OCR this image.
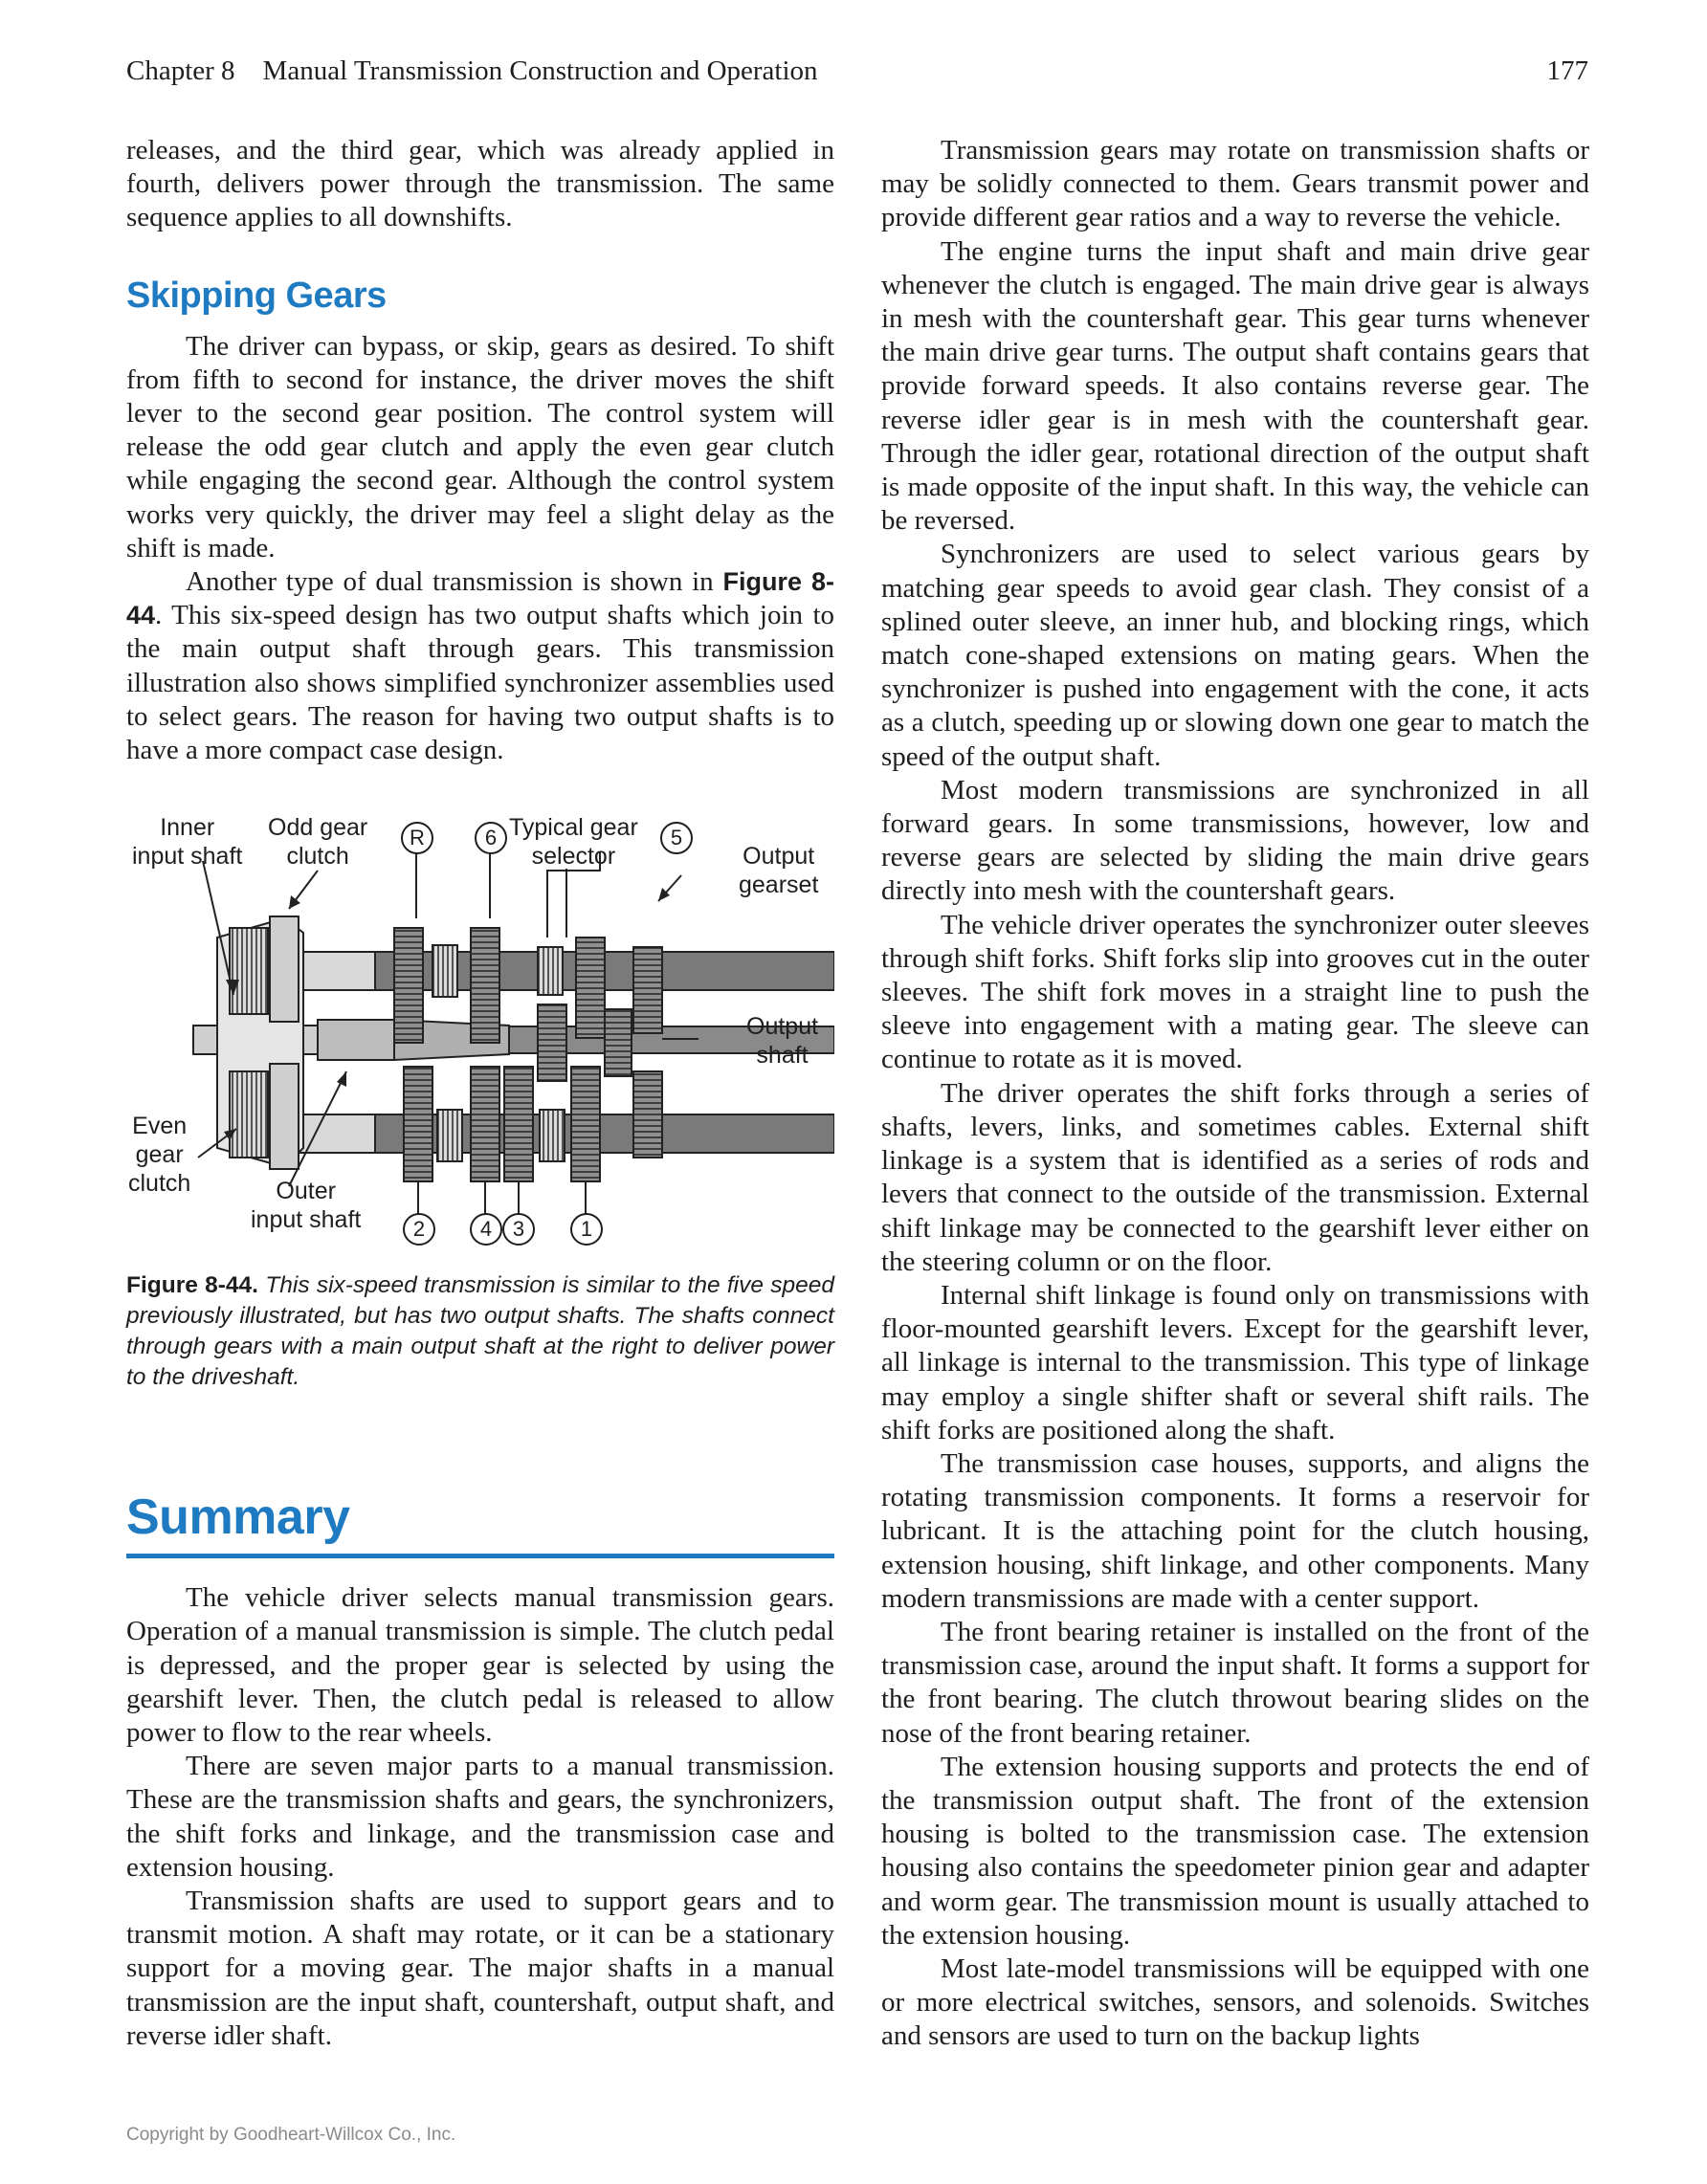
Chapter 8    Manual Transmission Construction and Operation	177

releases, and the third gear, which was already applied in fourth, delivers power through the transmission. The same sequence applies to all downshifts.

Skipping Gears

The driver can bypass, or skip, gears as desired. To shift from fifth to second for instance, the driver moves the shift lever to the second gear position. The control system will release the odd gear clutch and apply the even gear clutch while engaging the second gear. Although the control system works very quickly, the driver may feel a slight delay as the shift is made.

Another type of dual transmission is shown in Figure 8-44. This six-speed design has two output shafts which join to the main output shaft through gears. This transmission illustration also shows simplified synchronizer assemblies used to select gears. The reason for having two output shafts is to have a more compact case design.

Inner
input shaft
Odd gear
clutch
Typical gear
selector	Output
gearset
Output
shaft
Even
gear
clutch	Outer
input shaft
R	6	5
2	4 3	1

Figure 8-44. This six-speed transmission is similar to the five speed previously illustrated, but has two output shafts. The shafts connect through gears with a main output shaft at the right to deliver power to the driveshaft.

Summary

The vehicle driver selects manual transmission gears. Operation of a manual transmission is simple. The clutch pedal is depressed, and the proper gear is selected by using the gearshift lever. Then, the clutch pedal is released to allow power to flow to the rear wheels.

There are seven major parts to a manual transmission. These are the transmission shafts and gears, the synchronizers, the shift forks and linkage, and the transmission case and extension housing.

Transmission shafts are used to support gears and to transmit motion. A shaft may rotate, or it can be a stationary support for a moving gear. The major shafts in a manual transmission are the input shaft, countershaft, output shaft, and reverse idler shaft.

Transmission gears may rotate on transmission shafts or may be solidly connected to them. Gears transmit power and provide different gear ratios and a way to reverse the vehicle.

The engine turns the input shaft and main drive gear whenever the clutch is engaged. The main drive gear is always in mesh with the countershaft gear. This gear turns whenever the main drive gear turns. The output shaft contains gears that provide forward speeds. It also contains reverse gear. The reverse idler gear is in mesh with the countershaft gear. Through the idler gear, rotational direction of the output shaft is made opposite of the input shaft. In this way, the vehicle can be reversed.

Synchronizers are used to select various gears by matching gear speeds to avoid gear clash. They consist of a splined outer sleeve, an inner hub, and blocking rings, which match cone-shaped extensions on mating gears. When the synchronizer is pushed into engagement with the cone, it acts as a clutch, speeding up or slowing down one gear to match the speed of the output shaft.

Most modern transmissions are synchronized in all forward gears. In some transmissions, however, low and reverse gears are selected by sliding the main drive gears directly into mesh with the countershaft gears.

The vehicle driver operates the synchronizer outer sleeves through shift forks. Shift forks slip into grooves cut in the outer sleeves. The shift fork moves in a straight line to push the sleeve into engagement with a mating gear. The sleeve can continue to rotate as it is moved.

The driver operates the shift forks through a series of shafts, levers, links, and sometimes cables. External shift linkage is a system that is identified as a series of rods and levers that connect to the outside of the transmission. External shift linkage may be connected to the gearshift lever either on the steering column or on the floor.

Internal shift linkage is found only on transmissions with floor-mounted gearshift levers. Except for the gearshift lever, all linkage is internal to the transmission. This type of linkage may employ a single shifter shaft or several shift rails. The shift forks are positioned along the shaft.

The transmission case houses, supports, and aligns the rotating transmission components. It forms a reservoir for lubricant. It is the attaching point for the clutch housing, extension housing, shift linkage, and other components. Many modern transmissions are made with a center support.

The front bearing retainer is installed on the front of the transmission case, around the input shaft. It forms a support for the front bearing. The clutch throwout bearing slides on the nose of the front bearing retainer.

The extension housing supports and protects the end of the transmission output shaft. The front of the extension housing is bolted to the transmission case. The extension housing also contains the speedometer pinion gear and adapter and worm gear. The transmission mount is usually attached to the extension housing.

Most late-model transmissions will be equipped with one or more electrical switches, sensors, and solenoids. Switches and sensors are used to turn on the backup lights

Copyright by Goodheart-Willcox Co., Inc.
